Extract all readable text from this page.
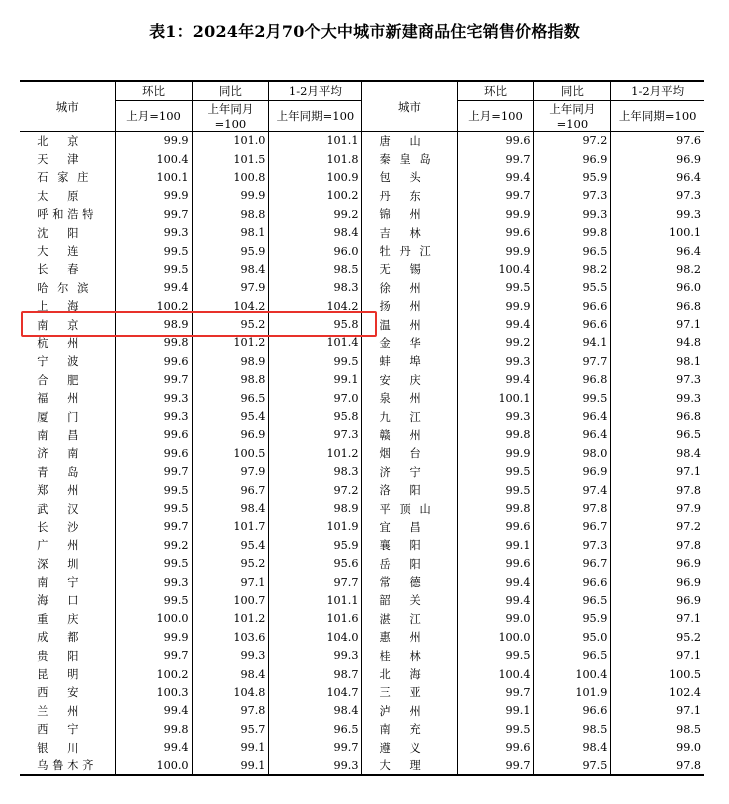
表1：2024年2月70个大中城市新建商品住宅销售价格指数
城市	环比	同比	1-2月平均	城市	环比	同比	1-2月平均
	上月=100	上年同月=100	上年同期=100		上月=100	上年同月=100	上年同期=100

北 京	99.9	101.0	101.1	唐 山	99.6	97.2	97.6

天 津	100.4	101.5	101.8	秦 皇 岛	99.7	96.9	96.9

石 家 庄	100.1	100.8	100.9	包 头	99.4	95.9	96.4

太 原	99.9	99.9	100.2	丹 东	99.7	97.3	97.3

呼 和 浩 特	99.7	98.8	99.2	锦 州	99.9	99.3	99.3

沈 阳	99.3	98.1	98.4	吉 林	99.6	99.8	100.1

大 连	99.5	95.9	96.0	牡 丹 江	99.9	96.5	96.4

长 春	99.5	98.4	98.5	无 锡	100.4	98.2	98.2

哈 尔 滨	99.4	97.9	98.3	徐 州	99.5	95.5	96.0

上 海	100.2	104.2	104.2	扬 州	99.9	96.6	96.8

南 京	98.9	95.2	95.8	温 州	99.4	96.6	97.1

杭 州	99.8	101.2	101.4	金 华	99.2	94.1	94.8

宁 波	99.6	98.9	99.5	蚌 埠	99.3	97.7	98.1

合 肥	99.7	98.8	99.1	安 庆	99.4	96.8	97.3

福 州	99.3	96.5	97.0	泉 州	100.1	99.5	99.3

厦 门	99.3	95.4	95.8	九 江	99.3	96.4	96.8

南 昌	99.6	96.9	97.3	赣 州	99.8	96.4	96.5

济 南	99.6	100.5	101.2	烟 台	99.9	98.0	98.4

青 岛	99.7	97.9	98.3	济 宁	99.5	96.9	97.1

郑 州	99.5	96.7	97.2	洛 阳	99.5	97.4	97.8

武 汉	99.5	98.4	98.9	平 顶 山	99.8	97.8	97.9

长 沙	99.7	101.7	101.9	宜 昌	99.6	96.7	97.2

广 州	99.2	95.4	95.9	襄 阳	99.1	97.3	97.8

深 圳	99.5	95.2	95.6	岳 阳	99.6	96.7	96.9

南 宁	99.3	97.1	97.7	常 德	99.4	96.6	96.9

海 口	99.5	100.7	101.1	韶 关	99.4	96.5	96.9

重 庆	100.0	101.2	101.6	湛 江	99.0	95.9	97.1

成 都	99.9	103.6	104.0	惠 州	100.0	95.0	95.2

贵 阳	99.7	99.3	99.3	桂 林	99.5	96.5	97.1

昆 明	100.2	98.4	98.7	北 海	100.4	100.4	100.5

西 安	100.3	104.8	104.7	三 亚	99.7	101.9	102.4

兰 州	99.4	97.8	98.4	泸 州	99.1	96.6	97.1

西 宁	99.8	95.7	96.5	南 充	99.5	98.5	98.5

银 川	99.4	99.1	99.7	遵 义	99.6	98.4	99.0

乌 鲁 木 齐	100.0	99.1	99.3	大 理	99.7	97.5	97.8
